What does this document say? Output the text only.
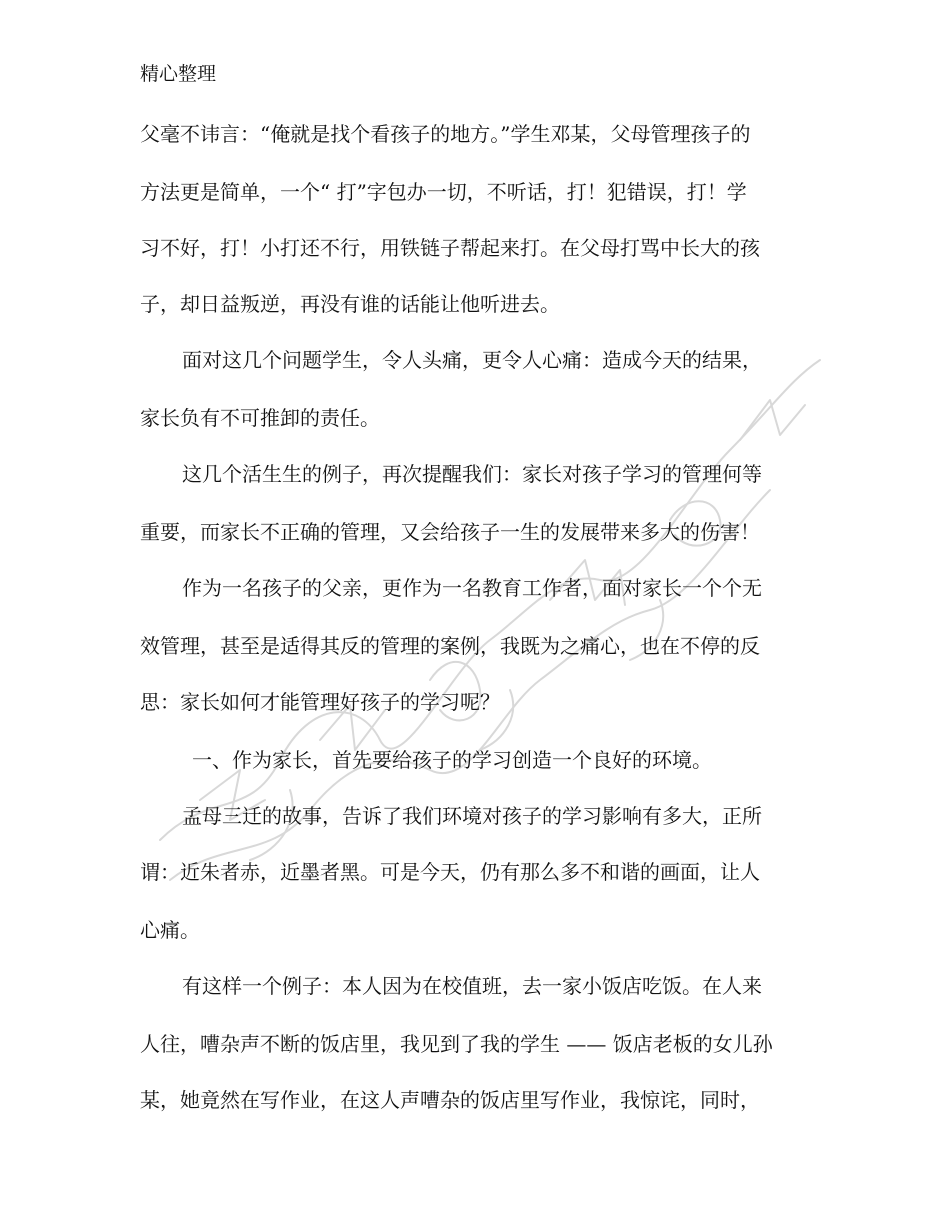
精心整理
父毫不讳言：“俺就是找个看孩子的地方。”学生邓某，父母管理孩子的
方法更是简单，一个“ 打”字包办一切，不听话，打！犯错误，打！学
习不好，打！小打还不行，用铁链子帮起来打。在父母打骂中长大的孩
子，却日益叛逆，再没有谁的话能让他听进去。
面对这几个问题学生，令人头痛，更令人心痛：造成今天的结果，
家长负有不可推卸的责任。
这几个活生生的例子，再次提醒我们：家长对孩子学习的管理何等
重要，而家长不正确的管理，又会给孩子一生的发展带来多大的伤害！
作为一名孩子的父亲，更作为一名教育工作者，面对家长一个个无
效管理，甚至是适得其反的管理的案例，我既为之痛心，也在不停的反
思：家长如何才能管理好孩子的学习呢？
一、作为家长，首先要给孩子的学习创造一个良好的环境。
孟母三迁的故事，告诉了我们环境对孩子的学习影响有多大，正所
谓：近朱者赤，近墨者黑。可是今天，仍有那么多不和谐的画面，让人
心痛。
有这样一个例子：本人因为在校值班，去一家小饭店吃饭。在人来
人往，嘈杂声不断的饭店里，我见到了我的学生 —— 饭店老板的女儿孙
某，她竟然在写作业，在这人声嘈杂的饭店里写作业，我惊诧，同时，
